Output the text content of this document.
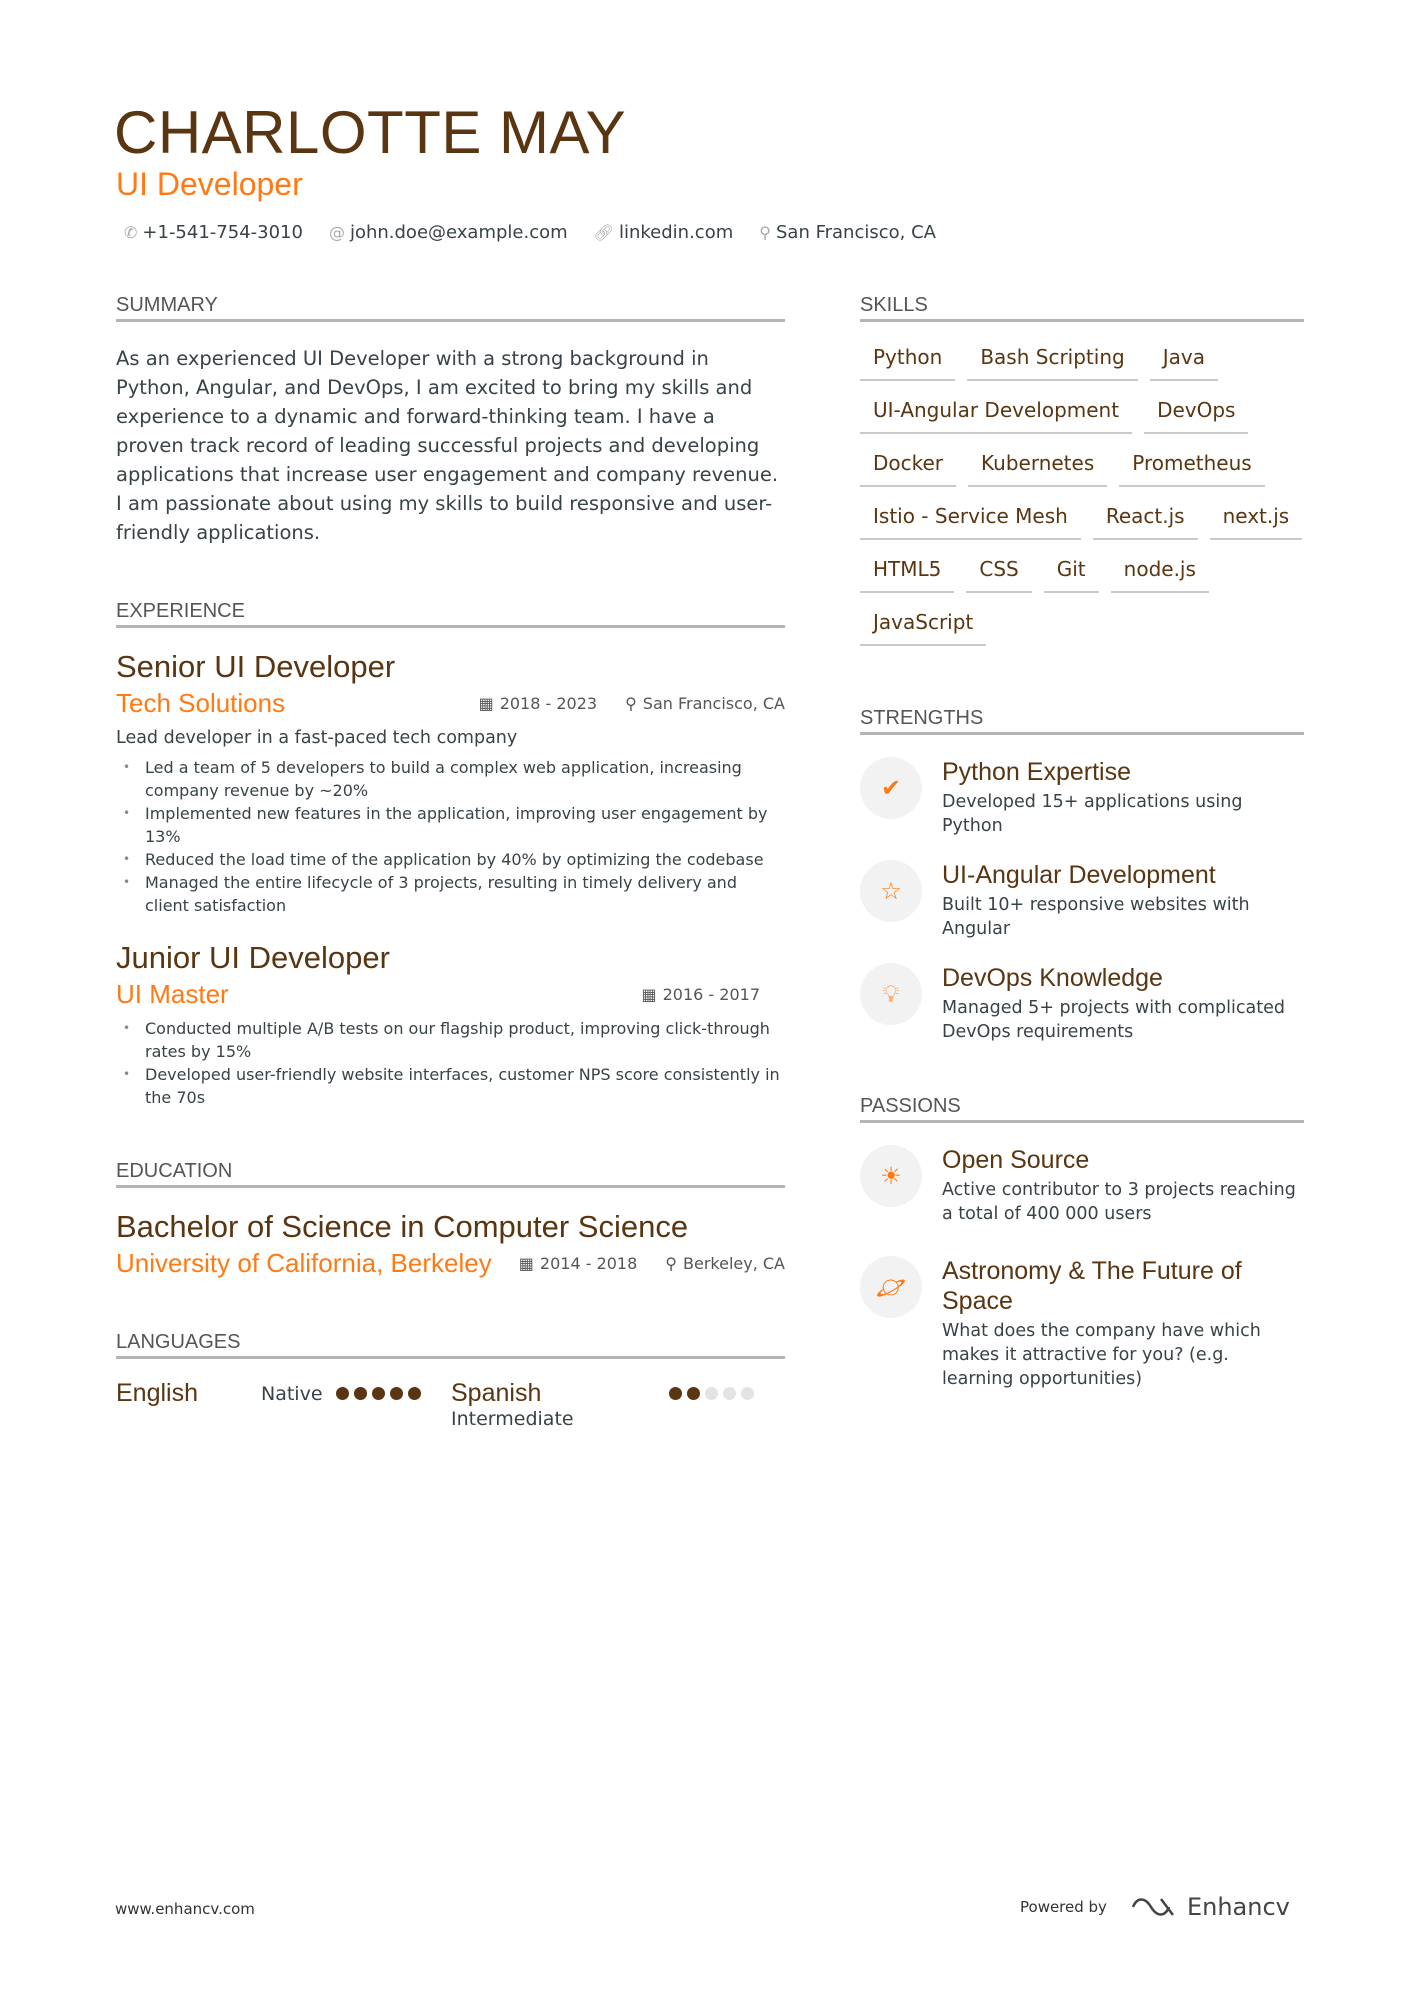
CHARLOTTE MAY
UI Developer
✆ +1-541-754-3010 @ john.doe@example.com 🔗︎ linkedin.com ⚲ San Francisco, CA
SUMMARY

As an experienced UI Developer with a strong background in Python, Angular, and DevOps, I am excited to bring my skills and experience to a dynamic and forward-thinking team. I have a proven track record of leading successful projects and developing applications that increase user engagement and company revenue. I am passionate about using my skills to build responsive and user-friendly applications.

EXPERIENCE
Senior UI Developer
Tech Solutions	▦ 2018 - 2023 ⚲ San Francisco, CA
Lead developer in a fast-paced tech company
• Led a team of 5 developers to build a complex web application, increasing company revenue by ~20%
• Implemented new features in the application, improving user engagement by 13%
• Reduced the load time of the application by 40% by optimizing the codebase
• Managed the entire lifecycle of 3 projects, resulting in timely delivery and client satisfaction
Junior UI Developer
UI Master	▦ 2016 - 2017
• Conducted multiple A/B tests on our flagship product, improving click-through rates by 15%
• Developed user-friendly website interfaces, customer NPS score consistently in the 70s
EDUCATION
Bachelor of Science in Computer Science
University of California, Berkeley ▦ 2014 - 2018 ⚲ Berkeley, CA
LANGUAGES
English	Native	Spanish
Intermediate
SKILLS
Python	Bash Scripting	Java
UI-Angular Development	DevOps
Docker	Kubernetes	Prometheus
Istio - Service Mesh	React.js	next.js
HTML5	CSS	Git	node.js
JavaScript
STRENGTHS
✔
Python Expertise
Developed 15+ applications using Python
☆
UI-Angular Development
Built 10+ responsive websites with Angular
💡︎
DevOps Knowledge
Managed 5+ projects with complicated DevOps requirements
PASSIONS
☀
Open Source
Active contributor to 3 projects reaching a total of 400 000 users
🪐︎
Astronomy & The Future of Space
What does the company have which makes it attractive for you? (e.g. learning opportunities)
www.enhancv.com	Powered by	Enhancv
